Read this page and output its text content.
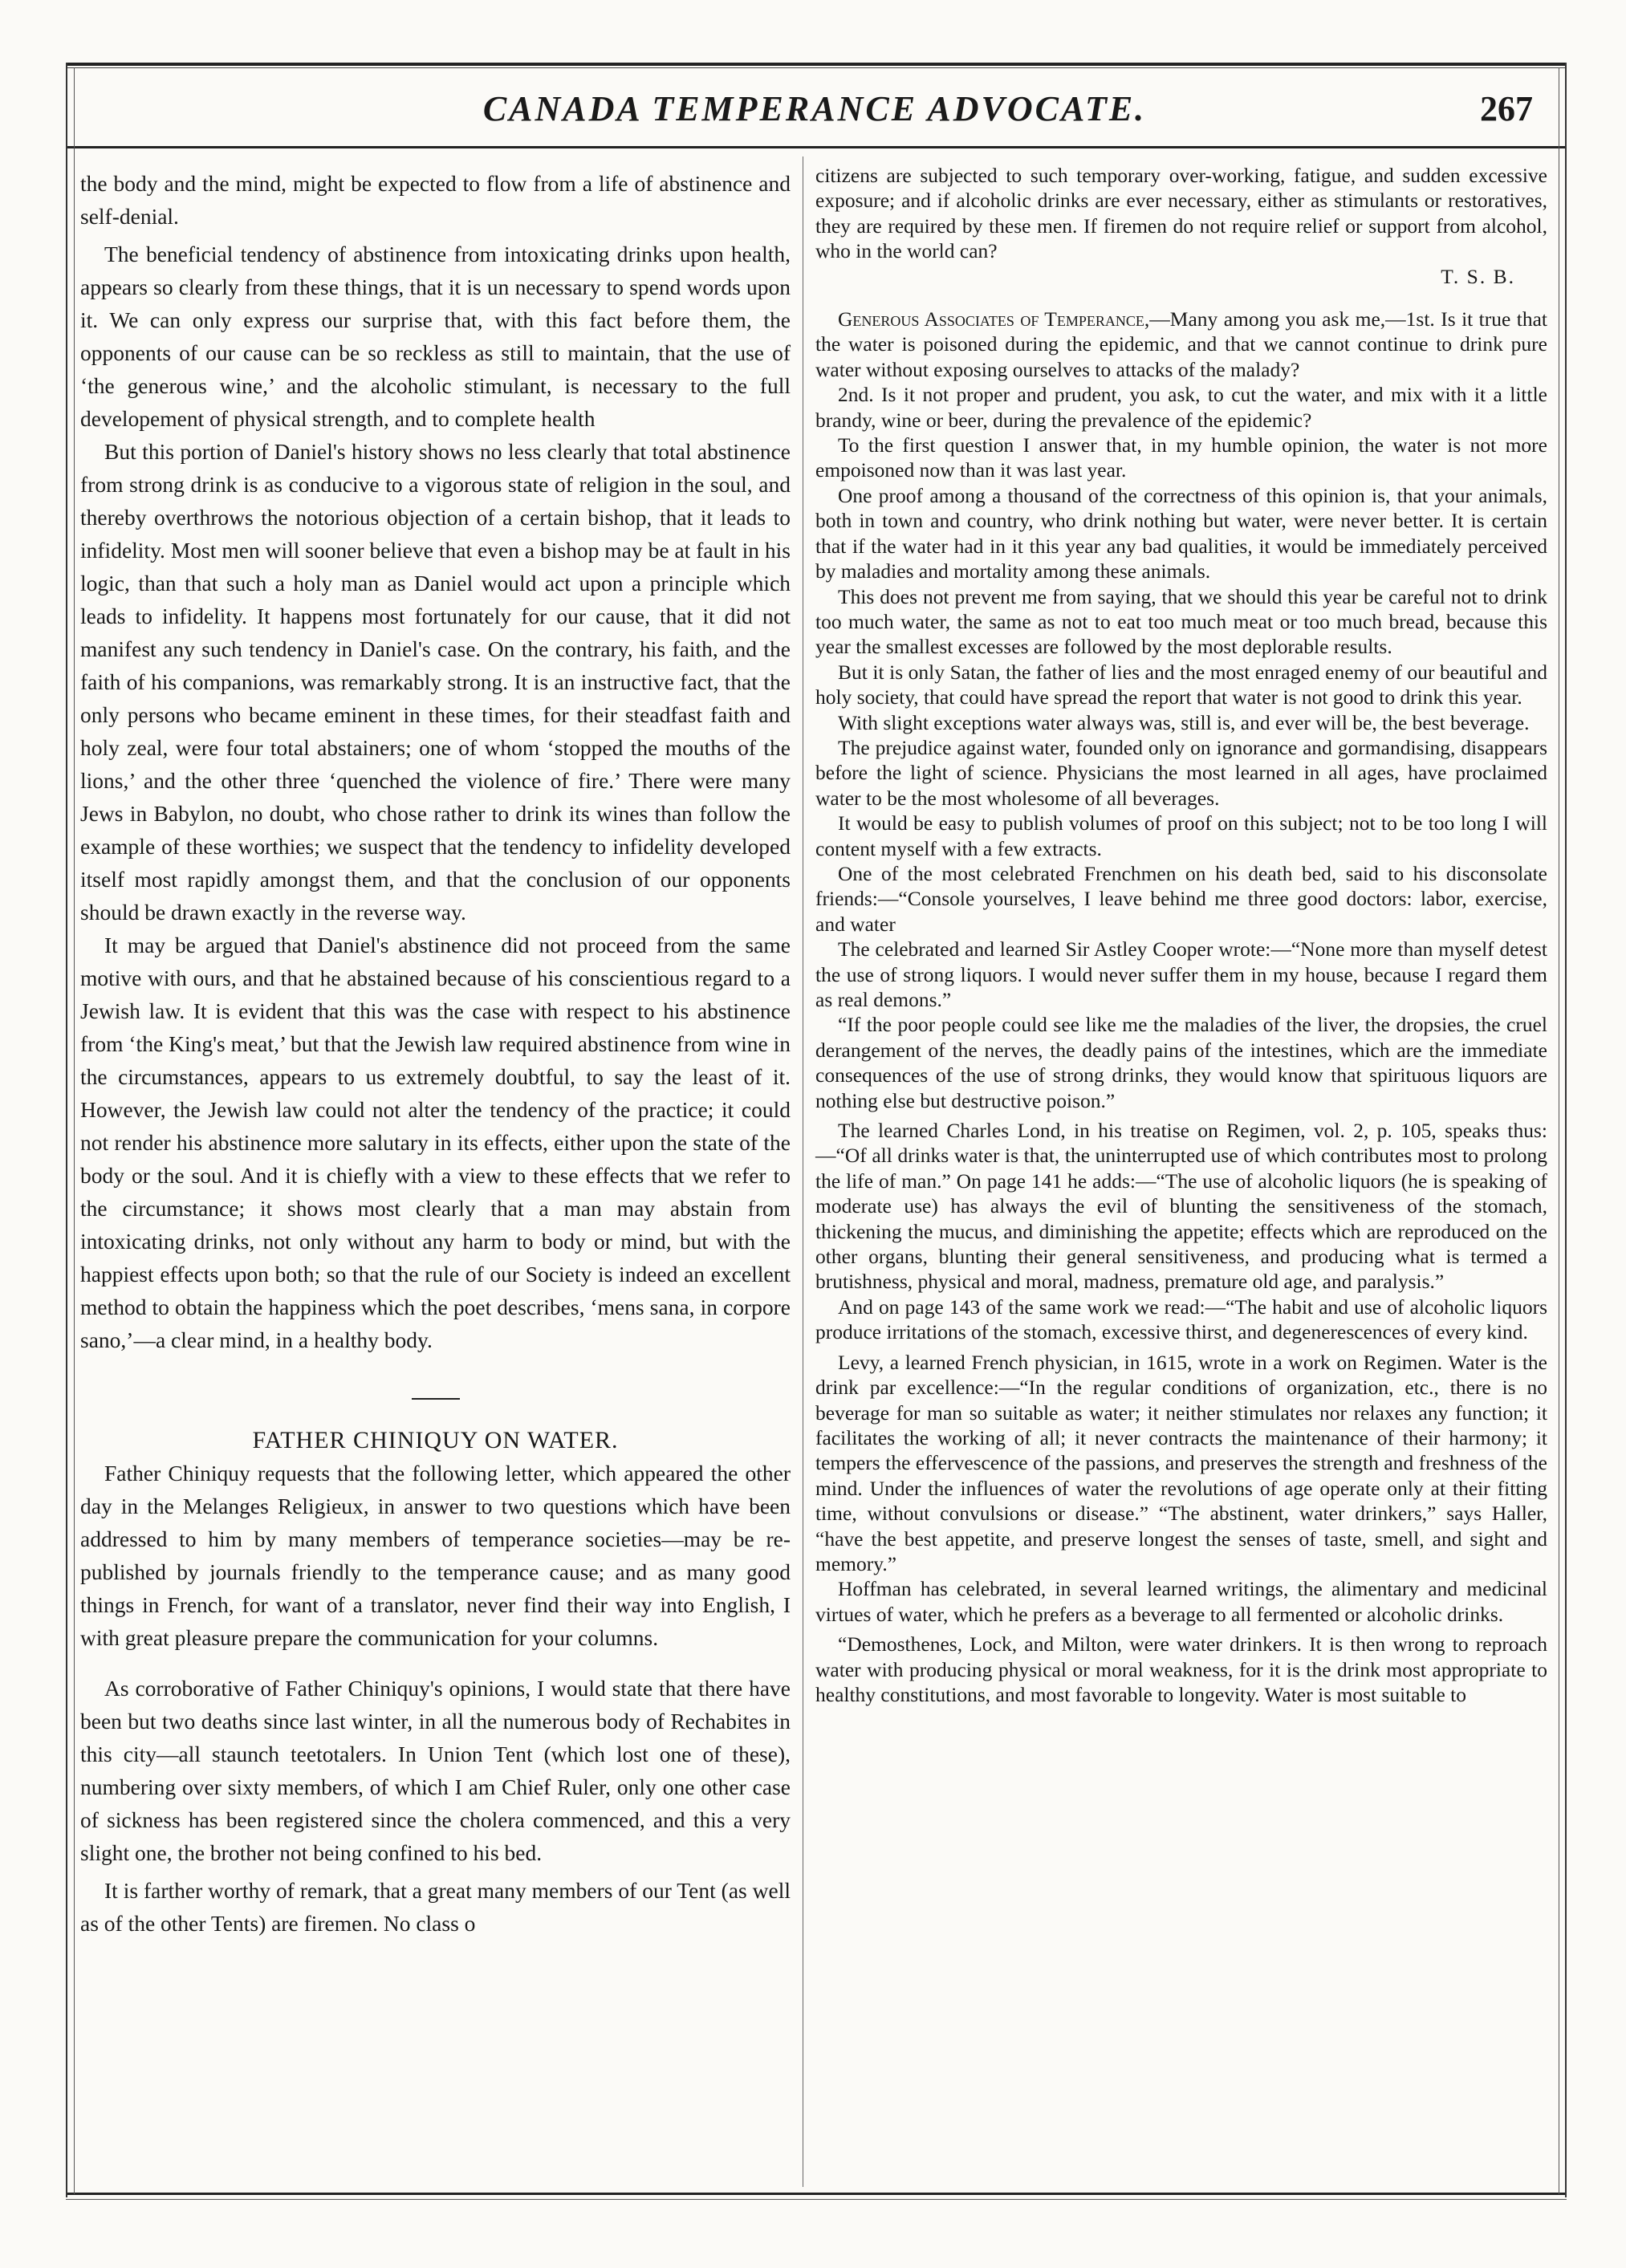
CANADA TEMPERANCE ADVOCATE.	267

the body and the mind, might be expected to flow from a life of abstinence and self-denial.

The beneficial tendency of abstinence from intoxicating drinks upon health, appears so clearly from these things, that it is un necessary to spend words upon it. We can only express our surprise that, with this fact before them, the opponents of our cause can be so reckless as still to maintain, that the use of ‘the generous wine,’ and the alcoholic stimulant, is necessary to the full developement of physical strength, and to complete health

But this portion of Daniel's history shows no less clearly that total abstinence from strong drink is as conducive to a vigorous state of religion in the soul, and thereby overthrows the notorious objection of a certain bishop, that it leads to infidelity. Most men will sooner believe that even a bishop may be at fault in his logic, than that such a holy man as Daniel would act upon a principle which leads to infidelity. It happens most fortunately for our cause, that it did not manifest any such tendency in Daniel's case. On the contrary, his faith, and the faith of his companions, was remarkably strong. It is an instructive fact, that the only persons who became eminent in these times, for their steadfast faith and holy zeal, were four total abstainers; one of whom ‘stopped the mouths of the lions,’ and the other three ‘quenched the violence of fire.’ There were many Jews in Babylon, no doubt, who chose rather to drink its wines than follow the example of these worthies; we suspect that the tendency to infidelity developed itself most rapidly amongst them, and that the conclusion of our opponents should be drawn exactly in the reverse way.

It may be argued that Daniel's abstinence did not proceed from the same motive with ours, and that he abstained because of his conscientious regard to a Jewish law. It is evident that this was the case with respect to his abstinence from ‘the King's meat,’ but that the Jewish law required abstinence from wine in the circumstances, appears to us extremely doubtful, to say the least of it. However, the Jewish law could not alter the tendency of the practice; it could not render his abstinence more salutary in its effects, either upon the state of the body or the soul. And it is chiefly with a view to these effects that we refer to the circumstance; it shows most clearly that a man may abstain from intoxicating drinks, not only without any harm to body or mind, but with the happiest effects upon both; so that the rule of our Society is indeed an excellent method to obtain the happiness which the poet describes, ‘mens sana, in corpore sano,’—a clear mind, in a healthy body.

FATHER CHINIQUY ON WATER.

Father Chiniquy requests that the following letter, which appeared the other day in the Melanges Religieux, in answer to two questions which have been addressed to him by many members of temperance societies—may be re-published by journals friendly to the temperance cause; and as many good things in French, for want of a translator, never find their way into English, I with great pleasure prepare the communication for your columns.

As corroborative of Father Chiniquy's opinions, I would state that there have been but two deaths since last winter, in all the numerous body of Rechabites in this city—all staunch teetotalers. In Union Tent (which lost one of these), numbering over sixty members, of which I am Chief Ruler, only one other case of sickness has been registered since the cholera commenced, and this a very slight one, the brother not being confined to his bed.

It is farther worthy of remark, that a great many members of our Tent (as well as of the other Tents) are firemen. No class o

citizens are subjected to such temporary over-working, fatigue, and sudden excessive exposure; and if alcoholic drinks are ever necessary, either as stimulants or restoratives, they are required by these men. If firemen do not require relief or support from alcohol, who in the world can?

T. S. B.

Generous Associates of Temperance,—Many among you ask me,—1st. Is it true that the water is poisoned during the epidemic, and that we cannot continue to drink pure water without exposing ourselves to attacks of the malady?

2nd. Is it not proper and prudent, you ask, to cut the water, and mix with it a little brandy, wine or beer, during the prevalence of the epidemic?

To the first question I answer that, in my humble opinion, the water is not more empoisoned now than it was last year.

One proof among a thousand of the correctness of this opinion is, that your animals, both in town and country, who drink nothing but water, were never better. It is certain that if the water had in it this year any bad qualities, it would be immediately perceived by maladies and mortality among these animals.

This does not prevent me from saying, that we should this year be careful not to drink too much water, the same as not to eat too much meat or too much bread, because this year the smallest excesses are followed by the most deplorable results.

But it is only Satan, the father of lies and the most enraged enemy of our beautiful and holy society, that could have spread the report that water is not good to drink this year.

With slight exceptions water always was, still is, and ever will be, the best beverage.

The prejudice against water, founded only on ignorance and gormandising, disappears before the light of science. Physicians the most learned in all ages, have proclaimed water to be the most wholesome of all beverages.

It would be easy to publish volumes of proof on this subject; not to be too long I will content myself with a few extracts.

One of the most celebrated Frenchmen on his death bed, said to his disconsolate friends:—“Console yourselves, I leave behind me three good doctors: labor, exercise, and water

The celebrated and learned Sir Astley Cooper wrote:—“None more than myself detest the use of strong liquors. I would never suffer them in my house, because I regard them as real demons.”

“If the poor people could see like me the maladies of the liver, the dropsies, the cruel derangement of the nerves, the deadly pains of the intestines, which are the immediate consequences of the use of strong drinks, they would know that spirituous liquors are nothing else but destructive poison.”

The learned Charles Lond, in his treatise on Regimen, vol. 2, p. 105, speaks thus:—“Of all drinks water is that, the uninterrupted use of which contributes most to prolong the life of man.” On page 141 he adds:—“The use of alcoholic liquors (he is speaking of moderate use) has always the evil of blunting the sensitiveness of the stomach, thickening the mucus, and diminishing the appetite; effects which are reproduced on the other organs, blunting their general sensitiveness, and producing what is termed a brutishness, physical and moral, madness, premature old age, and paralysis.”

And on page 143 of the same work we read:—“The habit and use of alcoholic liquors produce irritations of the stomach, excessive thirst, and degenerescences of every kind.

Levy, a learned French physician, in 1615, wrote in a work on Regimen. Water is the drink par excellence:—“In the regular conditions of organization, etc., there is no beverage for man so suitable as water; it neither stimulates nor relaxes any function; it facilitates the working of all; it never contracts the maintenance of their harmony; it tempers the effervescence of the passions, and preserves the strength and freshness of the mind. Under the influences of water the revolutions of age operate only at their fitting time, without convulsions or disease.” “The abstinent, water drinkers,” says Haller, “have the best appetite, and preserve longest the senses of taste, smell, and sight and memory.”

Hoffman has celebrated, in several learned writings, the alimentary and medicinal virtues of water, which he prefers as a beverage to all fermented or alcoholic drinks.

“Demosthenes, Lock, and Milton, were water drinkers. It is then wrong to reproach water with producing physical or moral weakness, for it is the drink most appropriate to healthy constitutions, and most favorable to longevity. Water is most suitable to
